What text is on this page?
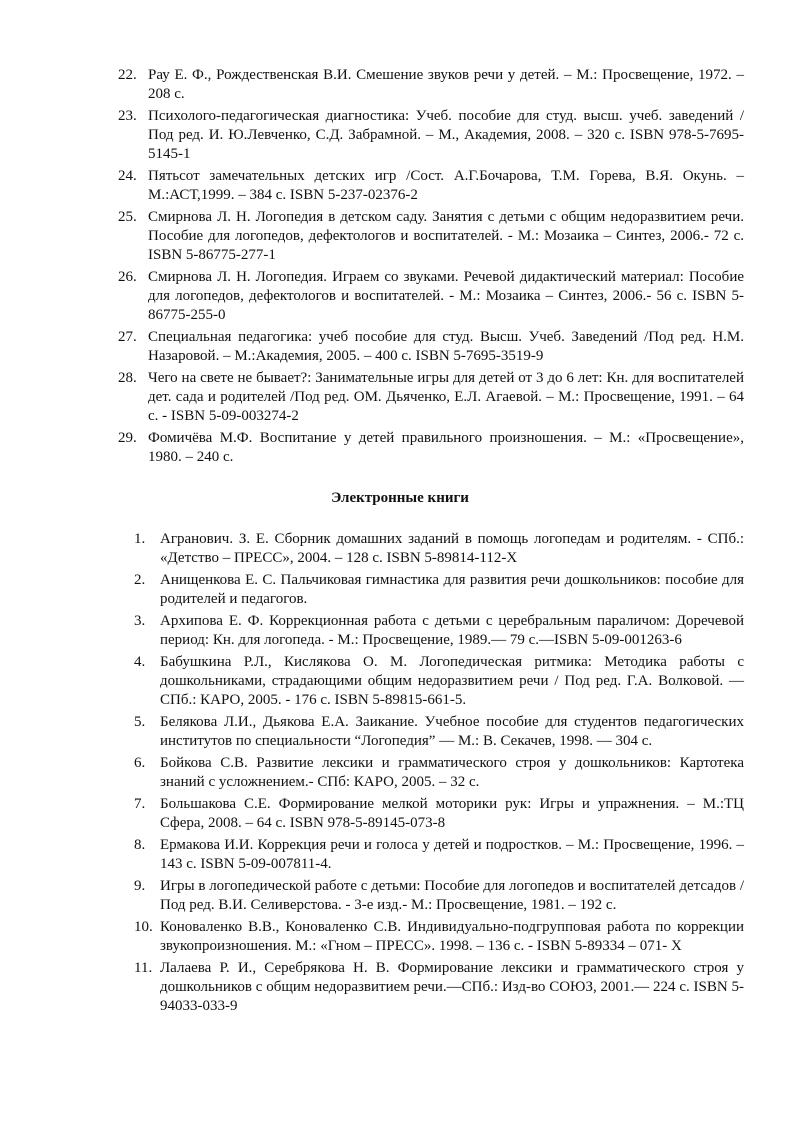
22. Рау Е. Ф., Рождественская В.И. Смешение звуков речи у детей. – М.: Просвещение, 1972. – 208 с.
23. Психолого-педагогическая диагностика: Учеб. пособие для студ. высш. учеб. заведений /Под ред. И. Ю.Левченко, С.Д. Забрамной. – М., Академия, 2008. – 320 с. ISBN 978-5-7695-5145-1
24. Пятьсот замечательных детских игр /Сост. А.Г.Бочарова, Т.М. Горева, В.Я. Окунь. – М.:АСТ,1999. – 384 с. ISBN 5-237-02376-2
25. Смирнова Л. Н. Логопедия в детском саду. Занятия с детьми с общим недоразвитием речи. Пособие для логопедов, дефектологов и воспитателей. - М.: Мозаика – Синтез, 2006.- 72 с. ISBN 5-86775-277-1
26. Смирнова Л. Н. Логопедия. Играем со звуками. Речевой дидактический материал: Пособие для логопедов, дефектологов и воспитателей. - М.: Мозаика – Синтез, 2006.- 56 с. ISBN 5-86775-255-0
27. Специальная педагогика: учеб пособие для студ. Высш. Учеб. Заведений /Под ред. Н.М. Назаровой. – М.:Академия, 2005. – 400 с. ISBN 5-7695-3519-9
28. Чего на свете не бывает?: Занимательные игры для детей от 3 до 6 лет: Кн. для воспитателей дет. сада и родителей /Под ред. ОМ. Дьяченко, Е.Л. Агаевой. – М.: Просвещение, 1991. – 64 с. - ISBN 5-09-003274-2
29. Фомичёва М.Ф. Воспитание у детей правильного произношения. – М.: «Просвещение», 1980. – 240 с.
Электронные книги
1. Агранович. З. Е. Сборник домашних заданий в помощь логопедам и родителям. - СПб.: «Детство – ПРЕСС», 2004. – 128 с. ISBN 5-89814-112-X
2. Анищенкова Е. С. Пальчиковая гимнастика для развития речи дошкольников: пособие для родителей и педагогов.
3. Архипова Е. Ф. Коррекционная работа с детьми с церебральным параличом: Доречевой период: Кн. для логопеда. - М.: Просвещение, 1989.— 79 с.—ISBN 5-09-001263-6
4. Бабушкина Р.Л., Кислякова О. М. Логопедическая ритмика: Методика работы с дошкольниками, страдающими общим недоразвитием речи / Под ред. Г.А. Волковой. —СПб.: КАРО, 2005. - 176 с. ISBN 5-89815-661-5.
5. Белякова Л.И., Дьякова Е.А. Заикание. Учебное пособие для студентов педагогических институтов по специальности “Логопедия” — М.: В. Секачев, 1998. — 304 с.
6. Бойкова С.В. Развитие лексики и грамматического строя у дошкольников: Картотека знаний с усложнением.- СПб: КАРО, 2005. – 32 с.
7. Большакова С.Е. Формирование мелкой моторики рук: Игры и упражнения. – М.:ТЦ Сфера, 2008. – 64 с. ISBN 978-5-89145-073-8
8. Ермакова И.И. Коррекция речи и голоса у детей и подростков. – М.: Просвещение, 1996. – 143 с. ISBN 5-09-007811-4.
9. Игры в логопедической работе с детьми: Пособие для логопедов и воспитателей детсадов / Под ред. В.И. Селиверстова. - 3-е изд.- М.: Просвещение, 1981. – 192 с.
10. Коноваленко В.В., Коноваленко С.В. Индивидуально-подгрупповая работа по коррекции звукопроизношения. М.: «Гном – ПРЕСС». 1998. – 136 с. - ISBN 5-89334 – 071- X
11. Лалаева Р. И., Серебрякова Н. В. Формирование лексики и грамматического строя у дошкольников с общим недоразвитием речи.—СПб.: Изд-во СОЮЗ, 2001.— 224 с. ISBN 5-94033-033-9
